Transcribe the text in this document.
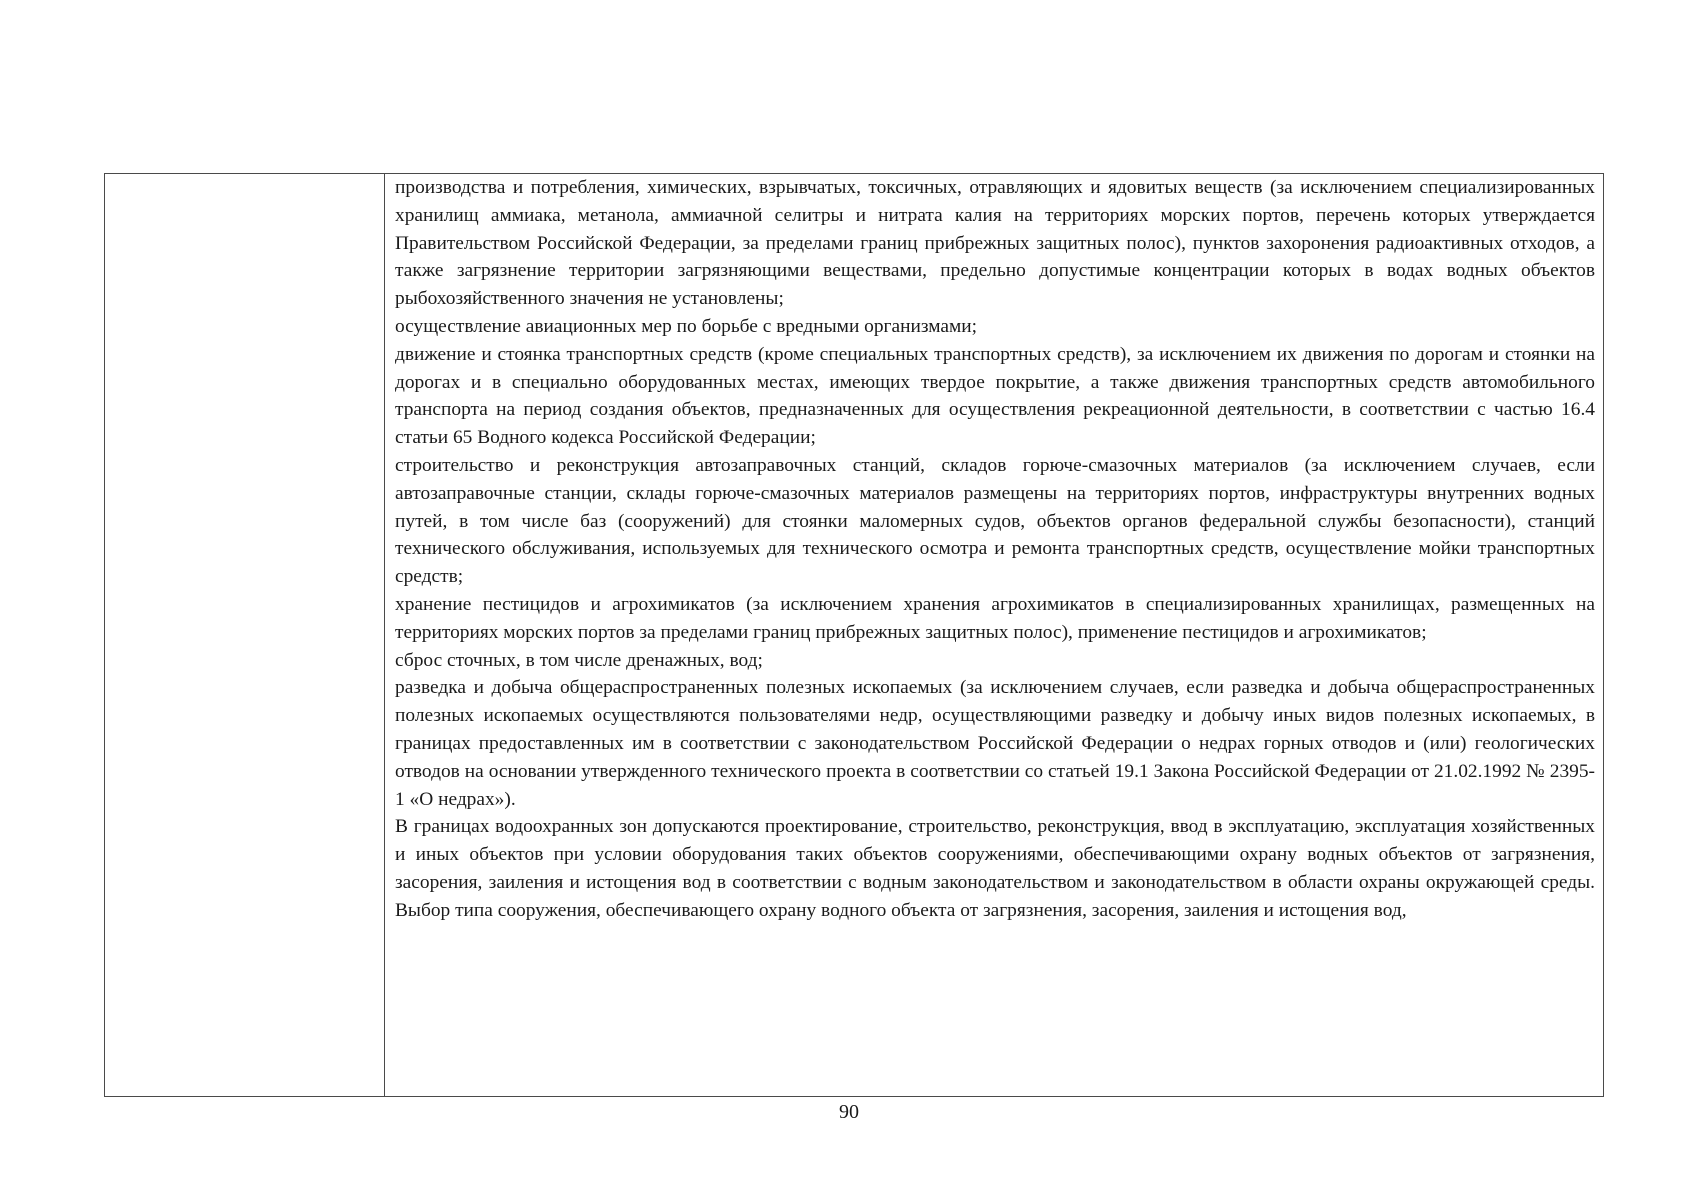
производства и потребления, химических, взрывчатых, токсичных, отравляющих и ядовитых веществ (за исключением специализированных хранилищ аммиака, метанола, аммиачной селитры и нитрата калия на территориях морских портов, перечень которых утверждается Правительством Российской Федерации, за пределами границ прибрежных защитных полос), пунктов захоронения радиоактивных отходов, а также загрязнение территории загрязняющими веществами, предельно допустимые концентрации которых в водах водных объектов рыбохозяйственного значения не установлены;

осуществление авиационных мер по борьбе с вредными организмами;

движение и стоянка транспортных средств (кроме специальных транспортных средств), за исключением их движения по дорогам и стоянки на дорогах и в специально оборудованных местах, имеющих твердое покрытие, а также движения транспортных средств автомобильного транспорта на период создания объектов, предназначенных для осуществления рекреационной деятельности, в соответствии с частью 16.4 статьи 65 Водного кодекса Российской Федерации;

строительство и реконструкция автозаправочных станций, складов горюче-смазочных материалов (за исключением случаев, если автозаправочные станции, склады горюче-смазочных материалов размещены на территориях портов, инфраструктуры внутренних водных путей, в том числе баз (сооружений) для стоянки маломерных судов, объектов органов федеральной службы безопасности), станций технического обслуживания, используемых для технического осмотра и ремонта транспортных средств, осуществление мойки транспортных средств;

хранение пестицидов и агрохимикатов (за исключением хранения агрохимикатов в специализированных хранилищах, размещенных на территориях морских портов за пределами границ прибрежных защитных полос), применение пестицидов и агрохимикатов;

сброс сточных, в том числе дренажных, вод;

разведка и добыча общераспространенных полезных ископаемых (за исключением случаев, если разведка и добыча общераспространенных полезных ископаемых осуществляются пользователями недр, осуществляющими разведку и добычу иных видов полезных ископаемых, в границах предоставленных им в соответствии с законодательством Российской Федерации о недрах горных отводов и (или) геологических отводов на основании утвержденного технического проекта в соответствии со статьей 19.1 Закона Российской Федерации от 21.02.1992 № 2395-1 «О недрах»).

В границах водоохранных зон допускаются проектирование, строительство, реконструкция, ввод в эксплуатацию, эксплуатация хозяйственных и иных объектов при условии оборудования таких объектов сооружениями, обеспечивающими охрану водных объектов от загрязнения, засорения, заиления и истощения вод в соответствии с водным законодательством и законодательством в области охраны окружающей среды. Выбор типа сооружения, обеспечивающего охрану водного объекта от загрязнения, засорения, заиления и истощения вод,

90
